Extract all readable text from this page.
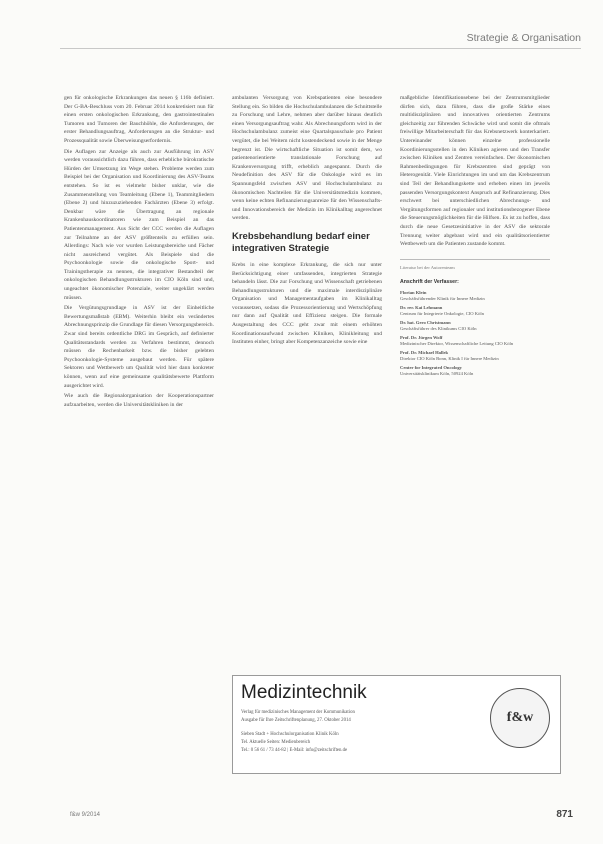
Strategie & Organisation

gen für onkologische Erkrankungen das neuen § 116b definiert. Der G-BA-Beschluss vom 20. Februar 2014 konkretisiert nun für einen ersten onkologischen Erkrankung, den gastrointestinalen Tumoren und Tumoren der Bauchhöhle, die Anforderungen, der erster Behandlungsauftrag, Anforderungen an die Struktur- und Prozessqualität sowie Überweisungserfordernis.

Die Auflagen zur Anzeige als auch zur Ausführung im ASV werden voraussichtlich dazu führen, dass erhebliche bürokratische Hürden der Umsetzung im Wege stehen. Probleme werden zum Beispiel bei der Organisation und Koordinierung des ASV-Teams entstehen. So ist es vielmehr bisher unklar, wie die Zusammenstellung von Teamleitung (Ebene 1), Teammitgliedern (Ebene 2) und hinzuzuziehenden Fachärzten (Ebene 3) erfolgt. Denkbar wäre die Übertragung an regionale Krankenhauskoordinatoren wie zum Beispiel an das Patientenmanagement. Aus Sicht der CCC werden die Auflagen zur Teilnahme an der ASV größtenteils zu erfüllen sein. Allerdings: Nach wie vor wurden Leistungsbereiche und Fächer nicht ausreichend vergütet. Als Beispiele sind die Psychoonkologie sowie die onkologische Sport- und Trainingstherapie zu nennen, die integrativer Bestandteil der onkologischen Behandlungsstrukturen im CIO Köln sind und, ungeachtet ökonomischer Potenziale, weiter ungeklärt werden müssen.

Die Vergütungsgrundlage in ASV ist der Einheitliche Bewertungsmaßstab (EBM). Weiterhin bleibt ein verändertes Abrechnungsprinzip die Grundlage für diesen Versorgungsbereich. Zwar sind bereits ordentliche DRG im Gespräch, auf definierter Qualitätsstandards werden zu Verfahren bestimmt, dennoch müssen die Rechenbarkeit bzw. die bisher gelebten Psychoonkologie-Systeme ausgebaut werden. Für spätere Sektoren und Wettbewerb um Qualität wird hier dann konkreter können, wenn auf eine gemeinsame qualitätsbewerte Plattform ausgerichtet wird.

Wie auch die Regionalorganisation der Kooperationspartner aufzuarbeiten, werden die Universitätskliniken in der

ambulanten Versorgung von Krebspatienten eine besondere Stellung ein. So bilden die Hochschulambulanzen die Schnittstelle zu Forschung und Lehre, nehmen aber darüber hinaus deutlich einen Versorgungsauftrag wahr. Als Abrechnungsform wird in der Hochschulambulanz zumeist eine Quartalspauschale pro Patient vergütet, die bei Weitem nicht kostendeckend sowie in der Menge begrenzt ist. Die wirtschaftliche Situation ist somit dem, wo patientenorientierte translationale Forschung auf Krankenversorgung trifft, erheblich angespannt. Durch die Neudefinition des ASV für die Onkologie wird es im Spannungsfeld zwischen ASV und Hochschulambulanz zu ökonomischen Nachteilen für die Universitätsmedizin kommen, wenn keine echten Refinanzierungsanreize für den Wissenschafts- und Innovationsbereich der Medizin im Klinikalltag angerechnet werden.

Krebsbehandlung bedarf einer integrativen Strategie

Krebs in eine komplexe Erkrankung, die sich nur unter Berücksichtigung einer umfassenden, integrierten Strategie behandeln lässt. Die zur Forschung und Wissenschaft getriebenen Behandlungsstrukturen und die maximale interdisziplinäre Organisation und Managementaufgaben im Klinikalltag voraussetzen, sodass die Prozessorientierung und Wertschöpfung nur dann auf Qualität und Effizienz steigen. Die formale Ausgestaltung des CCC geht zwar mit einem erhöhten Koordinationsaufwand zwischen Kliniken, Klinikleitung und Instituten einher, bringt aber Kompetenzanzeiche sowie eine

maßgebliche Identifikationsebene bei der Zentrumsmitglieder dürfen sich, dazu führen, dass die große Stärke eines multidisziplinären und innovativen orientierten Zentrums gleichzeitig zur führenden Schwäche wird und somit die oftmals freiwillige Mitarbeiterschaft für das Krebsnetzwerk konterkariert. Untereinander können einzelne professionelle Koordinierungsstellen in den Kliniken agieren und den Transfer zwischen Kliniken und Zentren vereinfachen. Der ökonomischen Rahmenbedingungen für Krebszentren sind geprägt von Heterogenität. Viele Einrichtungen im und um das Krebszentrum sind Teil der Behandlungskette und erheben einen im jeweils passenden Versorgungskontext Anspruch auf Refinanzierung. Dies erschwert bei unterschiedlichen Abrechnungs- und Vergütungsformen auf regionaler und institutionsbezogener Ebene die Steuerungsmöglichkeiten für die Hilfsen. Es ist zu hoffen, dass durch die neue Gesetzesinitiative in der ASV die sektorale Trennung weiter abgebaut wird und ein qualitätsorientierter Wettbewerb um die Patienten zustande kommt.

Literatur bei der Autorenteam
Anschrift der Verfasser:
Florian Klein
Geschäftsführender Klinik für Innere Medizin
Dr. rer. Kai Lehmann
Centrum für Integrierte Onkologie, CIO Köln
Dr. hat. Gero Christmann
Geschäftsführer des Klinikums CIO Köln
Prof. Dr. Jürgen Wolf
Medizinischer Direktor, Wissenschaftliche Leitung CIO Köln
Prof. Dr. Michael Hallek
Direktor CIO Köln Bonn, Klinik I für Innere Medizin
Center for Integrated Oncology
Universitätsklinikum Köln, 50924 Köln
Medizintechnik
Verlag für medizinisches Management der Kommunikation
Ausgabe für Ihre Zeitschriftenplanung, 27. Oktober 2014
Sieben Stadt + Hochschulorganisation Klinik Köln
Tel. Aktuelle Seiten: Medienbereich
Tel.: 0 56 61 / 73 44-82 | E-Mail: info@zeitschriften.de
f&w
f&w 9/2014	871
